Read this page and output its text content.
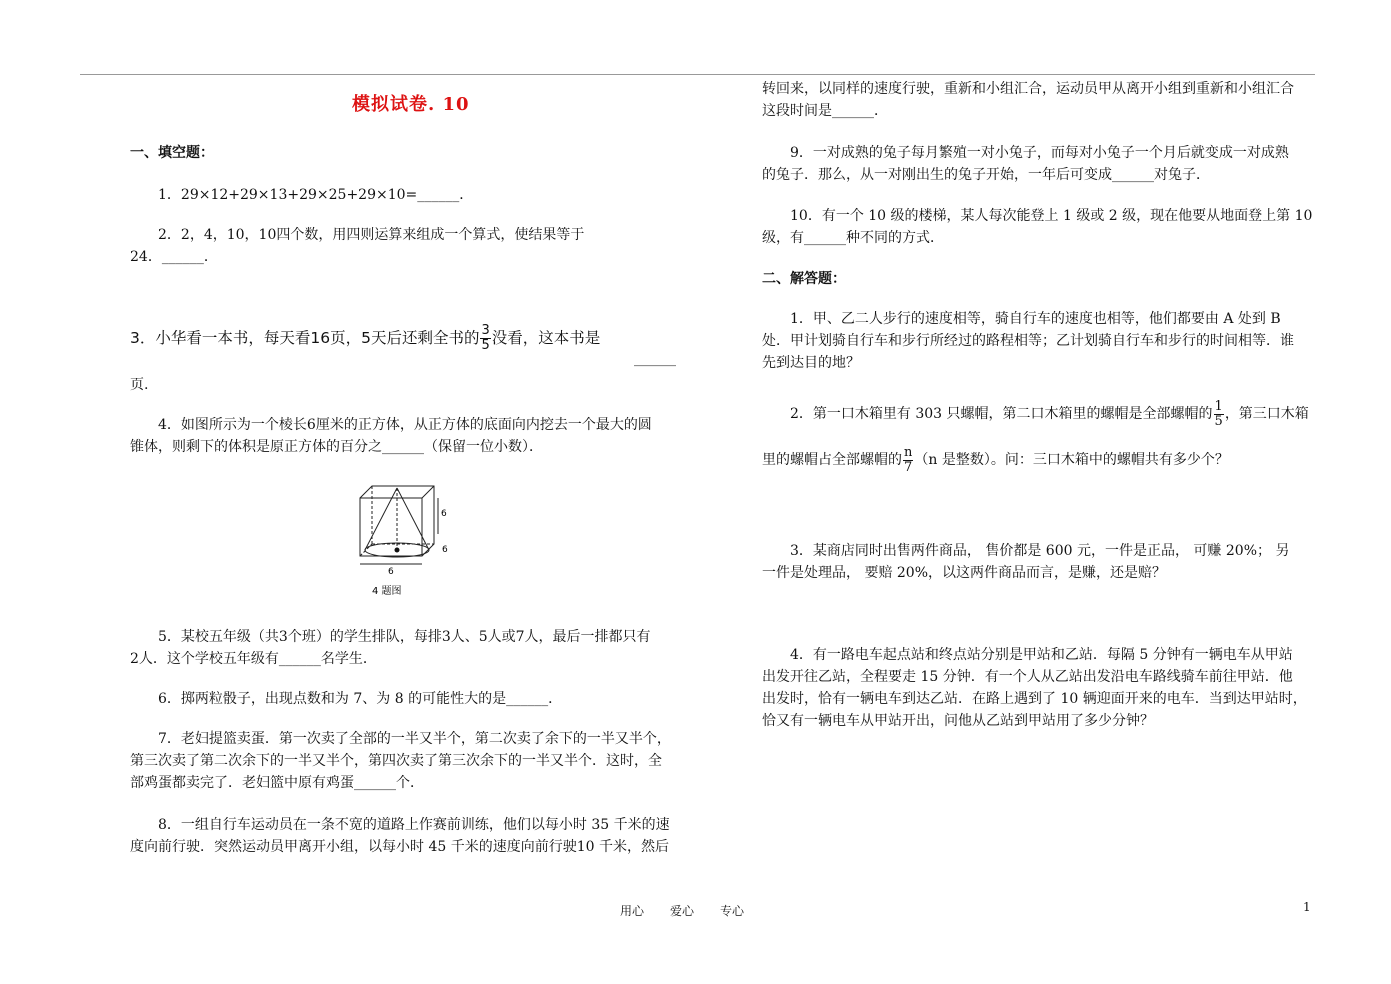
模拟试卷. 10
一、填空题：
1．29×12+29×13+29×25+29×10=______．
2．2，4，10，10四个数，用四则运算来组成一个算式，使结果等于
24．______．
3．小华看一本书，每天看16页，5天后还剩全书的 $\frac{3}{5}$ 没看，这本书是
______
页.
4．如图所示为一个棱长6厘米的正方体，从正方体的底面向内挖去一个最大的圆
锥体，则剩下的体积是原正方体的百分之______（保留一位小数）．
6
6
6
4 题图
5．某校五年级（共3个班）的学生排队，每排3人、5人或7人，最后一排都只有
2人．这个学校五年级有______名学生．
6．掷两粒骰子，出现点数和为 7、为 8 的可能性大的是______．
7．老妇提篮卖蛋．第一次卖了全部的一半又半个，第二次卖了余下的一半又半个，
第三次卖了第二次余下的一半又半个，第四次卖了第三次余下的一半又半个．这时，全
部鸡蛋都卖完了．老妇篮中原有鸡蛋______个．
8．一组自行车运动员在一条不宽的道路上作赛前训练，他们以每小时 35 千米的速
度向前行驶．突然运动员甲离开小组，以每小时 45 千米的速度向前行驶10 千米，然后
转回来，以同样的速度行驶，重新和小组汇合，运动员甲从离开小组到重新和小组汇合
这段时间是______．
9．一对成熟的兔子每月繁殖一对小兔子，而每对小兔子一个月后就变成一对成熟
的兔子．那么，从一对刚出生的兔子开始，一年后可变成______对兔子．
10．有一个 10 级的楼梯，某人每次能登上 1 级或 2 级，现在他要从地面登上第 10
级，有______种不同的方式．
二、解答题：
1．甲、乙二人步行的速度相等，骑自行车的速度也相等，他们都要由 A 处到 B
处．甲计划骑自行车和步行所经过的路程相等；乙计划骑自行车和步行的时间相等．谁
先到达目的地？
2．第一口木箱里有 303 只螺帽，第二口木箱里的螺帽是全部螺帽的 $\frac{1}{5}$ ，第三口木箱
里的螺帽占全部螺帽的 $\frac{n}{7} (n$ 是整数）。问：三口木箱中的螺帽共有多少个？
3．某商店同时出售两件商品， 售价都是 600 元，一件是正品， 可赚 20%； 另
一件是处理品， 要赔 20%，以这两件商品而言，是赚，还是赔？
4．有一路电车起点站和终点站分别是甲站和乙站．每隔 5 分钟有一辆电车从甲站
出发开往乙站，全程要走 15 分钟．有一个人从乙站出发沿电车路线骑车前往甲站．他
出发时，恰有一辆电车到达乙站．在路上遇到了 10 辆迎面开来的电车．当到达甲站时，
恰又有一辆电车从甲站开出，问他从乙站到甲站用了多少分钟？
用心 爱心 专心	1
